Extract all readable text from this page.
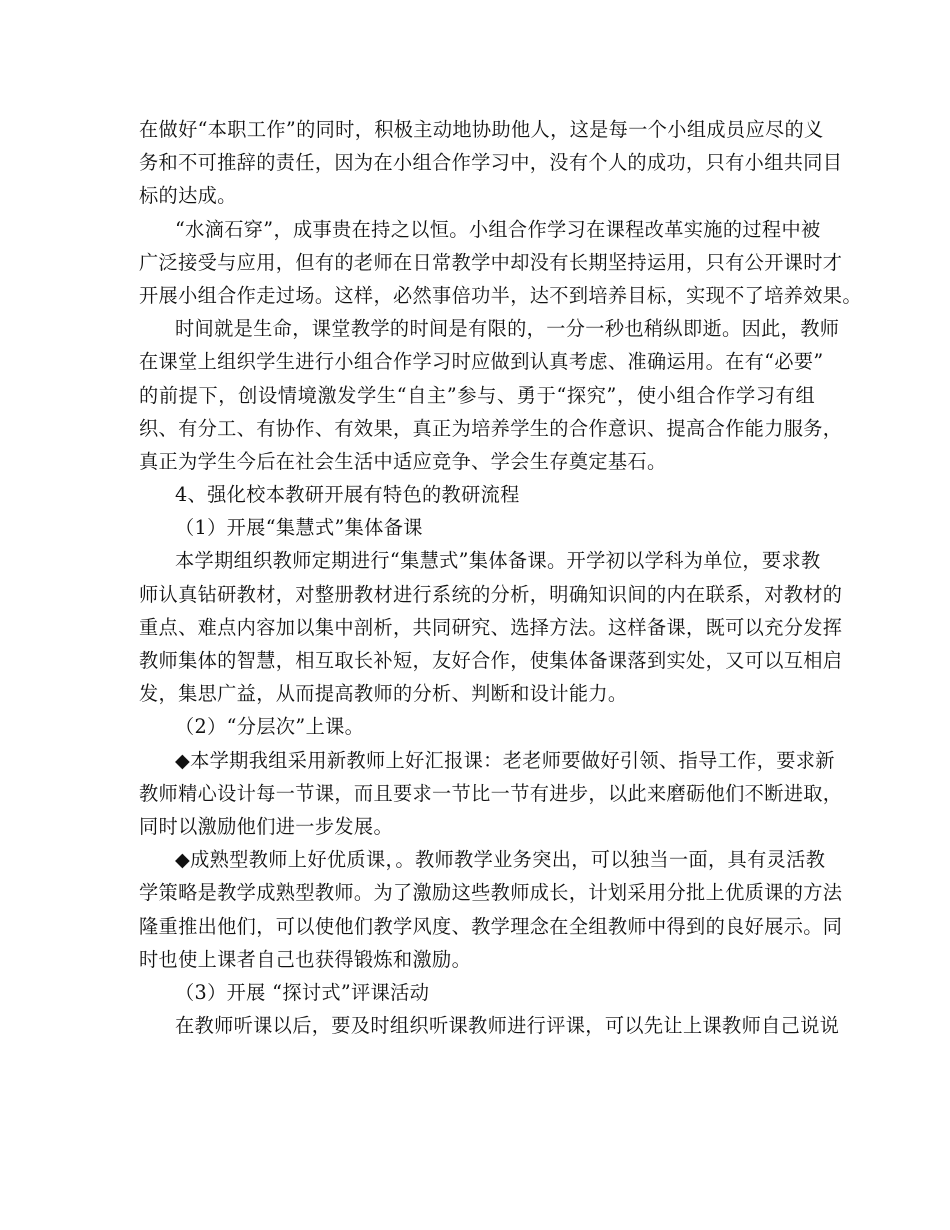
在做好“本职工作”的同时，积极主动地协助他人，这是每一个小组成员应尽的义
务和不可推辞的责任，因为在小组合作学习中，没有个人的成功，只有小组共同目
标的达成。
“水滴石穿”，成事贵在持之以恒。小组合作学习在课程改革实施的过程中被
广泛接受与应用，但有的老师在日常教学中却没有长期坚持运用，只有公开课时才
开展小组合作走过场。这样，必然事倍功半，达不到培养目标，实现不了培养效果。
时间就是生命，课堂教学的时间是有限的，一分一秒也稍纵即逝。因此，教师
在课堂上组织学生进行小组合作学习时应做到认真考虑、准确运用。在有“必要”
的前提下，创设情境激发学生“自主”参与、勇于“探究”，使小组合作学习有组
织、有分工、有协作、有效果，真正为培养学生的合作意识、提高合作能力服务，
真正为学生今后在社会生活中适应竞争、学会生存奠定基石。
4、强化校本教研开展有特色的教研流程
（1）开展“集慧式”集体备课
本学期组织教师定期进行“集慧式”集体备课。开学初以学科为单位，要求教
师认真钻研教材，对整册教材进行系统的分析，明确知识间的内在联系，对教材的
重点、难点内容加以集中剖析，共同研究、选择方法。这样备课，既可以充分发挥
教师集体的智慧，相互取长补短，友好合作，使集体备课落到实处，又可以互相启
发，集思广益，从而提高教师的分析、判断和设计能力。
（2）“分层次”上课。
◆本学期我组采用新教师上好汇报课：老老师要做好引领、指导工作，要求新
教师精心设计每一节课，而且要求一节比一节有进步，以此来磨砺他们不断进取，
同时以激励他们进一步发展。
◆成熟型教师上好优质课，。教师教学业务突出，可以独当一面，具有灵活教
学策略是教学成熟型教师。为了激励这些教师成长，计划采用分批上优质课的方法
隆重推出他们，可以使他们教学风度、教学理念在全组教师中得到的良好展示。同
时也使上课者自己也获得锻炼和激励。
（3）开展 “探讨式”评课活动
在教师听课以后，要及时组织听课教师进行评课，可以先让上课教师自己说说
